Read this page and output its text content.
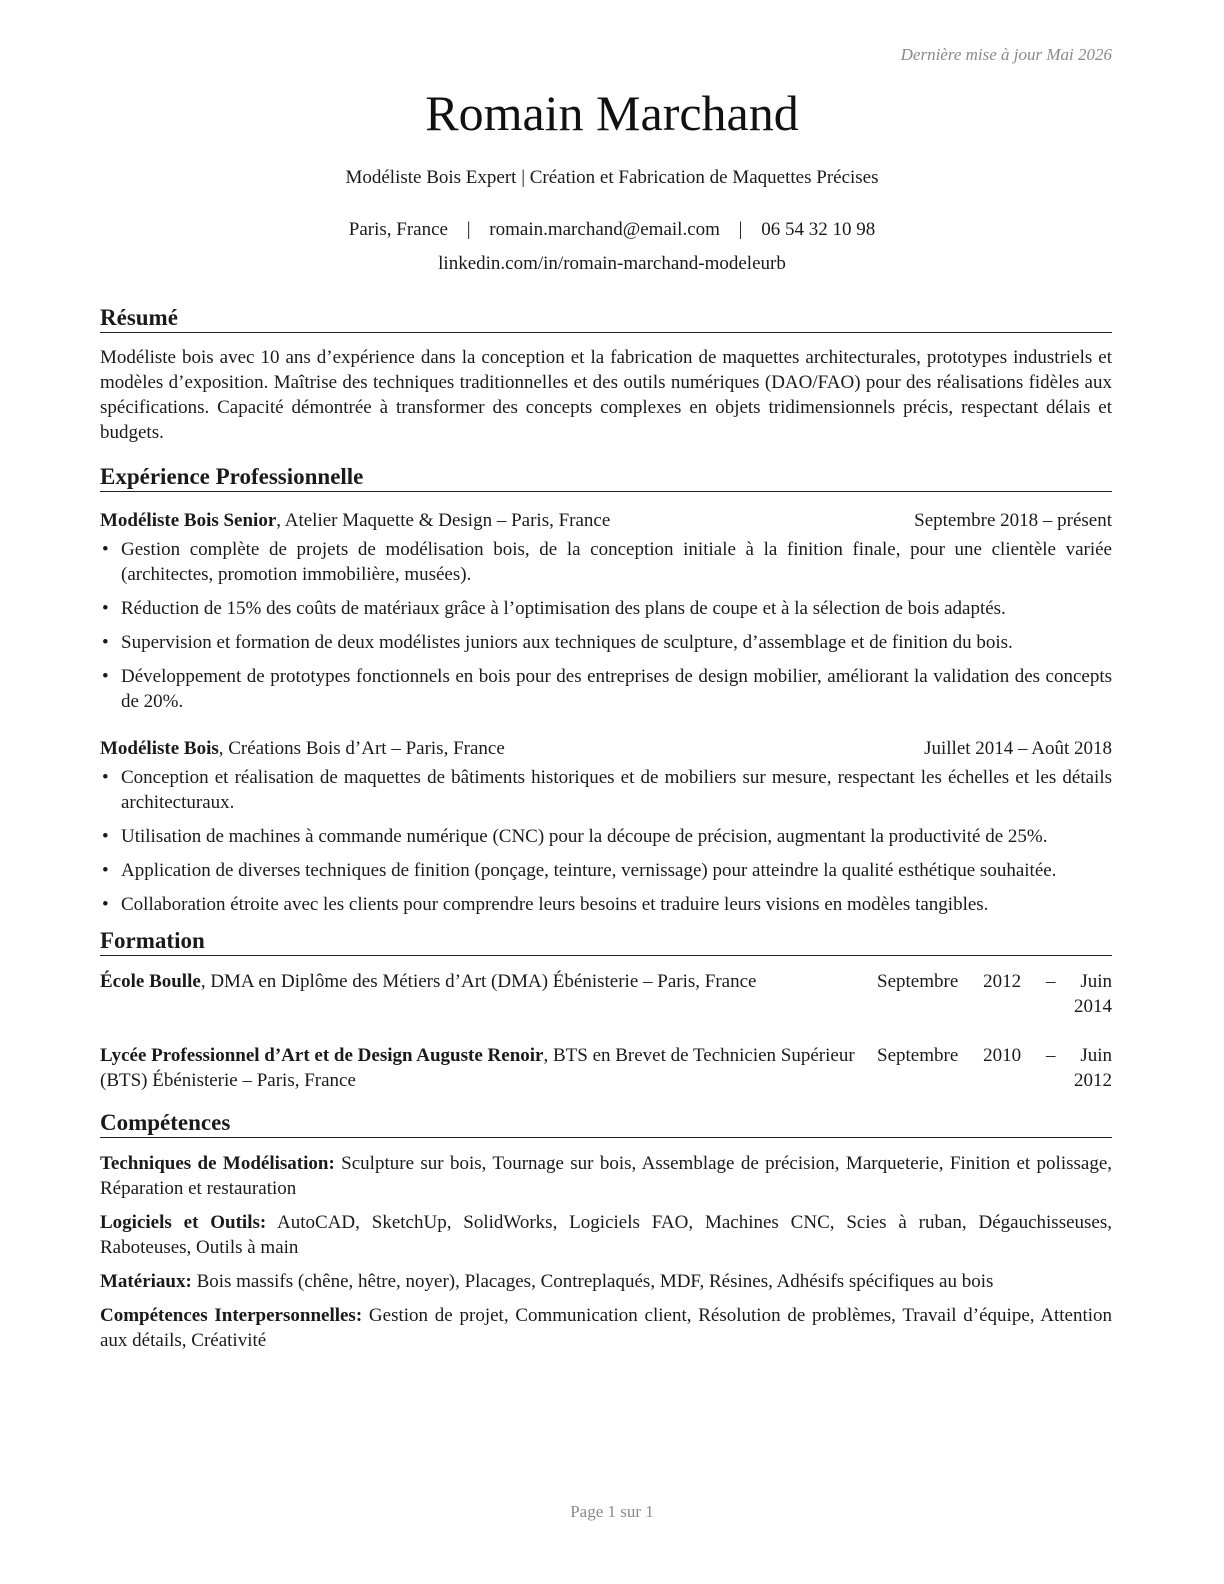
Dernière mise à jour Mai 2026
Romain Marchand
Modéliste Bois Expert | Création et Fabrication de Maquettes Précises
Paris, France | romain.marchand@email.com | 06 54 32 10 98
linkedin.com/in/romain-marchand-modeleurb
Résumé

Modéliste bois avec 10 ans d’expérience dans la conception et la fabrication de maquettes architecturales, prototypes industriels et modèles d’exposition. Maîtrise des techniques traditionnelles et des outils numériques (DAO/FAO) pour des réalisations fidèles aux spécifications. Capacité démontrée à transformer des concepts complexes en objets tridimensionnels précis, respectant délais et budgets.

Expérience Professionnelle
Modéliste Bois Senior, Atelier Maquette & Design – Paris, France	Septembre 2018 – présent
• Gestion complète de projets de modélisation bois, de la conception initiale à la finition finale, pour une clientèle variée (architectes, promotion immobilière, musées).
• Réduction de 15% des coûts de matériaux grâce à l’optimisation des plans de coupe et à la sélection de bois adaptés.
• Supervision et formation de deux modélistes juniors aux techniques de sculpture, d’assemblage et de finition du bois.
• Développement de prototypes fonctionnels en bois pour des entreprises de design mobilier, améliorant la validation des concepts de 20%.
Modéliste Bois, Créations Bois d’Art – Paris, France	Juillet 2014 – Août 2018
• Conception et réalisation de maquettes de bâtiments historiques et de mobiliers sur mesure, respectant les échelles et les détails architecturaux.
• Utilisation de machines à commande numérique (CNC) pour la découpe de précision, augmentant la productivité de 25%.
• Application de diverses techniques de finition (ponçage, teinture, vernissage) pour atteindre la qualité esthétique souhaitée.
• Collaboration étroite avec les clients pour comprendre leurs besoins et traduire leurs visions en modèles tangibles.
Formation
École Boulle, DMA en Diplôme des Métiers d’Art (DMA) Ébénisterie – Paris, France	Septembre 2012 – Juin
2014
Lycée Professionnel d’Art et de Design Auguste Renoir, BTS en Brevet de Technicien Supérieur (BTS) Ébénisterie – Paris, France
Septembre 2010 – Juin
2012
Compétences
Techniques de Modélisation: Sculpture sur bois, Tournage sur bois, Assemblage de précision, Marqueterie, Finition et polissage, Réparation et restauration
Logiciels et Outils: AutoCAD, SketchUp, SolidWorks, Logiciels FAO, Machines CNC, Scies à ruban, Dégauchisseuses, Raboteuses, Outils à main
Matériaux: Bois massifs (chêne, hêtre, noyer), Placages, Contreplaqués, MDF, Résines, Adhésifs spécifiques au bois
Compétences Interpersonnelles: Gestion de projet, Communication client, Résolution de problèmes, Travail d’équipe, Attention aux détails, Créativité
Page 1 sur 1
